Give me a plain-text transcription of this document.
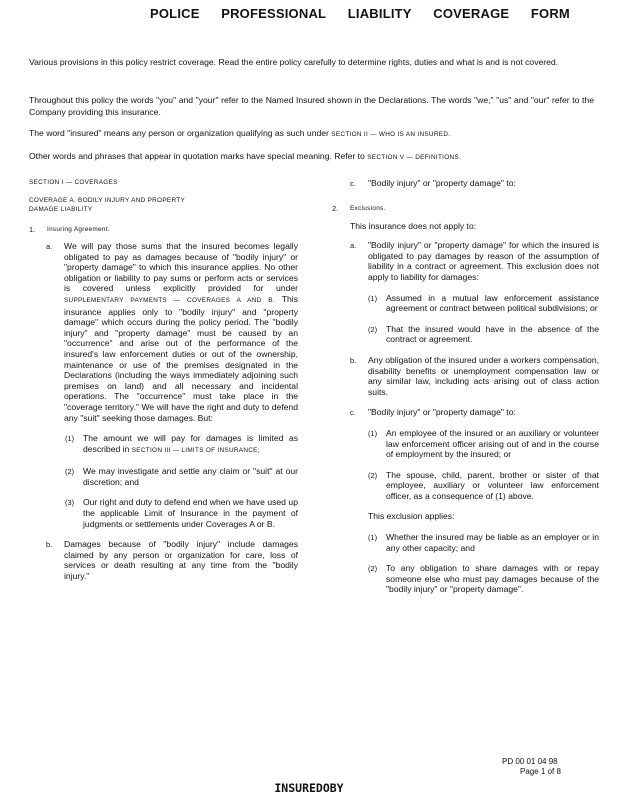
POLICE PROFESSIONAL LIABILITY COVERAGE FORM
Various provisions in this policy restrict coverage. Read the entire policy carefully to determine rights, duties and what is and is not covered.
Throughout this policy the words "you" and "your" refer to the Named Insured shown in the Declarations. The words "we," "us" and "our" refer to the Company providing this insurance.
The word "insured" means any person or organization qualifying as such under SECTION II — WHO IS AN INSURED.
Other words and phrases that appear in quotation marks have special meaning. Refer to SECTION V — DEFINITIONS.
SECTION I — COVERAGES
COVERAGE A. BODILY INJURY AND PROPERTY
DAMAGE LIABILITY
1. Insuring Agreement.
a. We will pay those sums that the insured becomes legally obligated to pay as damages because of "bodily injury" or "property damage" to which this insurance applies. No other obligation or liability to pay sums or perform acts or services is covered unless explicitly provided for under SUPPLEMENTARY PAYMENTS — COVERAGES A AND B. This insurance applies only to "bodily injury" and "property damage" which occurs during the policy period. The "bodily injury" and "property damage" must be caused by an "occurrence" and arise out of the performance of the insured's law enforcement duties or out of the ownership, maintenance or use of the premises designated in the Declarations (including the ways immediately adjoining such premises on land) and all necessary and incidental operations. The "occurrence" must take place in the "coverage territory." We will have the right and duty to defend any "suit" seeking those damages. But:

(1) The amount we will pay for damages is limited as described in SECTION III — LIMITS OF INSURANCE;

(2) We may investigate and settle any claim or "suit" at our discretion; and

(3) Our right and duty to defend end when we have used up the applicable Limit of Insurance in the payment of judgments or settlements under Coverages A or B.

b. Damages because of "bodily injury" include damages claimed by any person or organization for care, loss of services or death resulting at any time from the "bodily injury."

c. "Bodily injury" or "property damage" to:

2. Exclusions.

This insurance does not apply to:

a. "Bodily injury" or "property damage" for which the insured is obligated to pay damages by reason of the assumption of liability in a contract or agreement. This exclusion does not apply to liability for damages:

(1) Assumed in a mutual law enforcement assistance agreement or contract between political subdivisions; or

(2) That the insured would have in the absence of the contract or agreement.

b. Any obligation of the insured under a workers compensation, disability benefits or unemployment compensation law or any similar law, including acts arising out of class action suits.

c. "Bodily injury" or "property damage" to:

(1) An employee of the insured or an auxiliary or volunteer law enforcement officer arising out of and in the course of employment by the insured; or

(2) The spouse, child, parent, brother or sister of that employee, auxiliary or volunteer law enforcement officer, as a consequence of (1) above.

This exclusion applies:

(1) Whether the insured may be liable as an employer or in any other capacity; and

(2) To any obligation to share damages with or repay someone else who must pay damages because of the "bodily injury" or "property damage".

PD 00 01 04 98
Page 1 of 8
INSUREDOBY
